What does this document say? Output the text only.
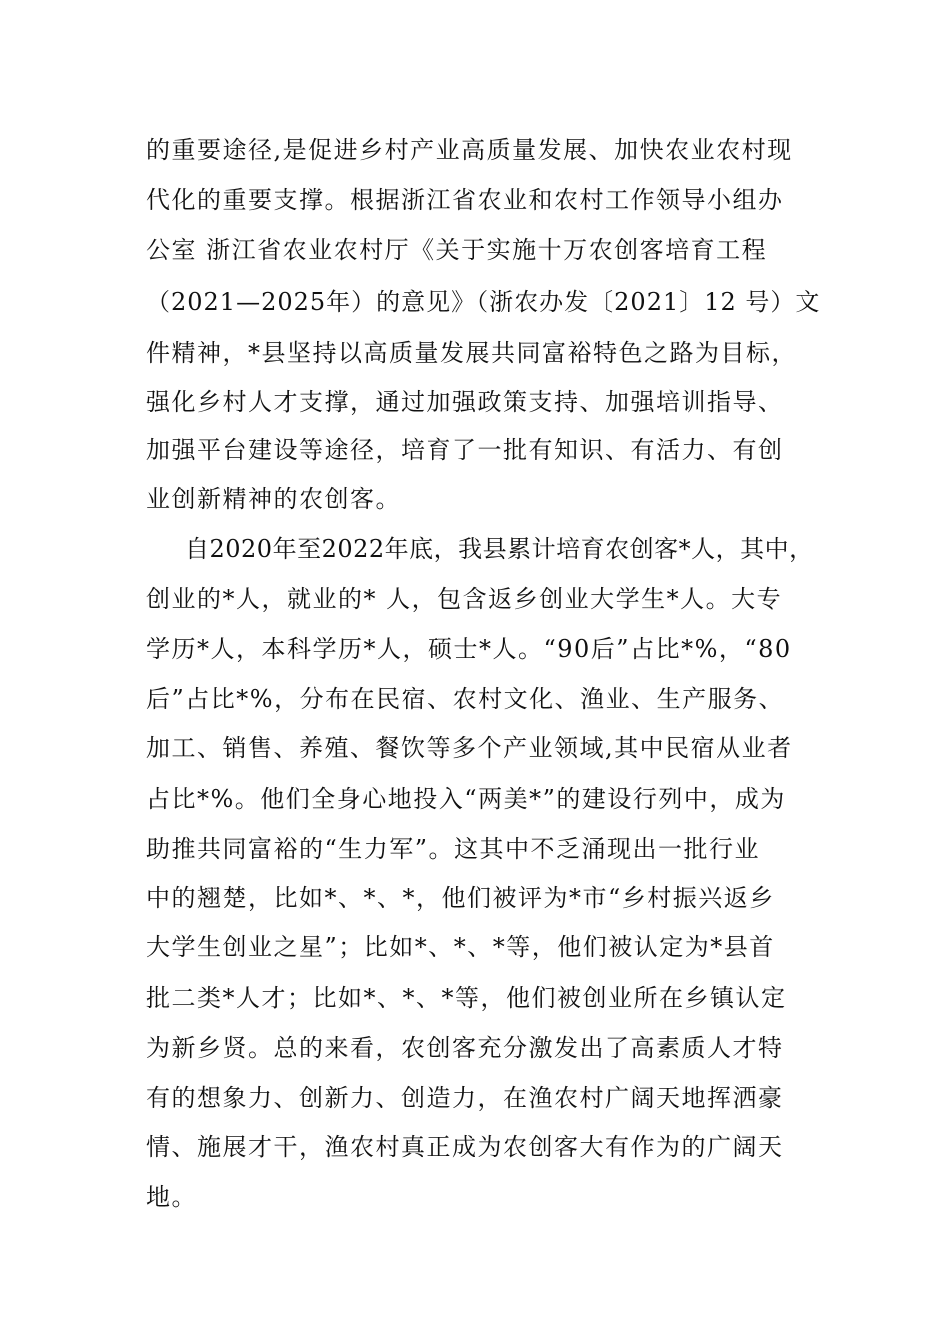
的重要途径,是促进乡村产业高质量发展、加快农业农村现
代化的重要支撑。根据浙江省农业和农村工作领导小组办
公室 浙江省农业农村厅《关于实施十万农创客培育工程
（2021—2025年）的意见》（浙农办发〔2021〕12 号）文
件精神，*县坚持以高质量发展共同富裕特色之路为目标，
强化乡村人才支撑，通过加强政策支持、加强培训指导、
加强平台建设等途径，培育了一批有知识、有活力、有创
业创新精神的农创客。
自2020年至2022年底，我县累计培育农创客*人，其中，
创业的*人，就业的* 人，包含返乡创业大学生*人。大专
学历*人，本科学历*人，硕士*人。“90后”占比*%，“80
后”占比*%，分布在民宿、农村文化、渔业、生产服务、
加工、销售、养殖、餐饮等多个产业领域,其中民宿从业者
占比*%。他们全身心地投入“两美*”的建设行列中，成为
助推共同富裕的“生力军”。这其中不乏涌现出一批行业
中的翘楚，比如*、*、*，他们被评为*市“乡村振兴返乡
大学生创业之星”；比如*、*、*等，他们被认定为*县首
批二类*人才；比如*、*、*等，他们被创业所在乡镇认定
为新乡贤。总的来看，农创客充分激发出了高素质人才特
有的想象力、创新力、创造力，在渔农村广阔天地挥洒豪
情、施展才干，渔农村真正成为农创客大有作为的广阔天
地。
